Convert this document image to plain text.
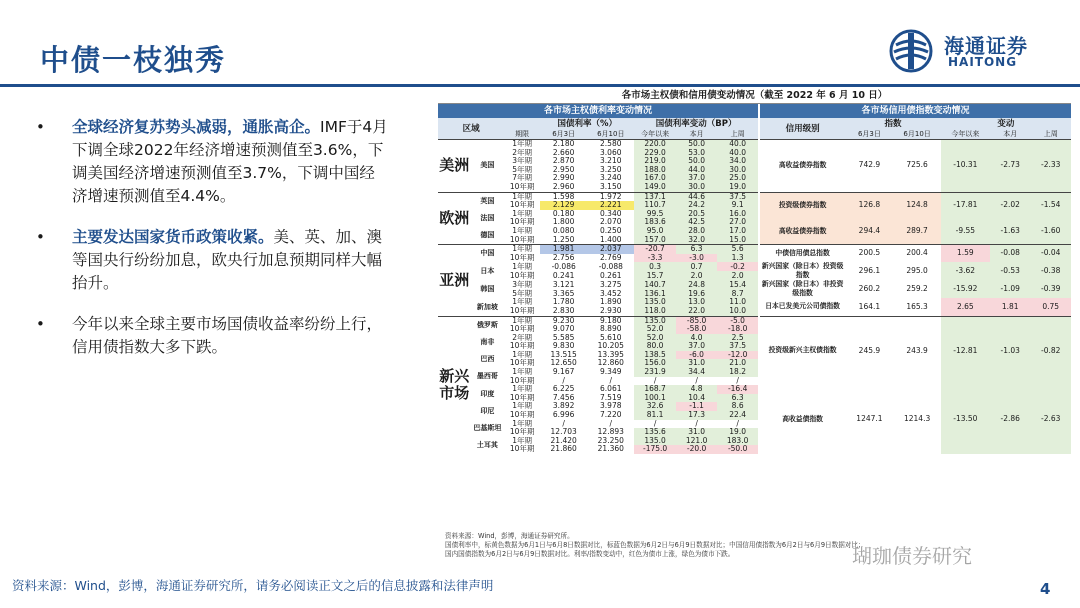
中债一枝独秀	海通证券
HAITONG
• 全球经济复苏势头减弱，通胀高企。IMF于4月下调全球2022年经济增速预测值至3.6%，下调美国经济增速预测值至3.7%，下调中国经济增速预测值至4.4%。
• 主要发达国家货币政策收紧。美、英、加、澳等国央行纷纷加息，欧央行加息预期同样大幅抬升。
• 今年以来全球主要市场国债收益率纷纷上行，信用债指数大多下跌。
各市场主权债和信用债变动情况（截至 2022 年 6 月 10 日）
各市场主权债利率变动情况								各市场信用债指数变动情况					
区域			国债利率（%）		国债利率变动（BP）			信用级别	指数		变动		
		期限	6月3日	6月10日	今年以来	本月	上周		6月3日	6月10日	今年以来	本月	上周
美洲	美国	1年期	2.180	2.580	220.0	50.0	40.0	高收益债券指数	742.9	725.6	-10.31	-2.73	-2.33
		2年期	2.660	3.060	229.0	53.0	40.0						
		3年期	2.870	3.210	219.0	50.0	34.0						
		5年期	2.950	3.250	188.0	44.0	30.0						
		7年期	2.990	3.240	167.0	37.0	25.0						
		10年期	2.960	3.150	149.0	30.0	19.0						
欧洲	英国	1年期	1.598	1.972	137.1	44.6	37.5	投资级债券指数	126.8	124.8	-17.81	-2.02	-1.54
		10年期	2.129	2.221	110.7	24.2	9.1						
	法国	1年期	0.180	0.340	99.5	20.5	16.0						
		10年期	1.800	2.070	183.6	42.5	27.0	高收益债券指数	294.4	289.7	-9.55	-1.63	-1.60
	德国	1年期	0.080	0.250	95.0	28.0	17.0						
		10年期	1.250	1.400	157.0	32.0	15.0						
亚洲	中国	1年期	1.981	2.037	-20.7	6.3	5.6	中债信用债总指数	200.5	200.4	1.59	-0.08	-0.04
		10年期	2.756	2.769	-3.3	-3.0	1.3						
	日本	1年期	-0.086	-0.088	0.3	0.7	-0.2	新兴国家（除日本）投资级指数	296.1	295.0	-3.62	-0.53	-0.38
		10年期	0.241	0.261	15.7	2.0	2.0						
	韩国	3年期	3.121	3.275	140.7	24.8	15.4	新兴国家（除日本）非投资级指数	260.2	259.2	-15.92	-1.09	-0.39
		5年期	3.365	3.452	136.1	19.6	8.7						
	新加坡	1年期	1.780	1.890	135.0	13.0	11.0	日本已发美元公司债指数	164.1	165.3	2.65	1.81	0.75
		10年期	2.830	2.930	118.0	22.0	10.0						
新兴市场	俄罗斯	1年期	9.230	9.180	135.0	-85.0	-5.0	投资级新兴主权债指数	245.9	243.9	-12.81	-1.03	-0.82
		10年期	9.070	8.890	52.0	-58.0	-18.0						
	南非	2年期	5.585	5.610	52.0	4.0	2.5						
		10年期	9.830	10.205	80.0	37.0	37.5						
	巴西	1年期	13.515	13.395	138.5	-6.0	-12.0						
		10年期	12.650	12.860	156.0	31.0	21.0						
	墨西哥	1年期	9.167	9.349	231.9	34.4	18.2						
		10年期	/	/	/	/	/						
	印度	1年期	6.225	6.061	168.7	4.8	-16.4	高收益债指数	1247.1	1214.3	-13.50	-2.86	-2.63
		10年期	7.456	7.519	100.1	10.4	6.3						
	印尼	1年期	3.892	3.978	32.6	-1.1	8.6						
		10年期	6.996	7.220	81.1	17.3	22.4						
	巴基斯坦	1年期	/	/	/	/	/						
		10年期	12.703	12.893	135.6	31.0	19.0						
	土耳其	1年期	21.420	23.250	135.0	121.0	183.0						
		10年期	21.860	21.360	-175.0	-20.0	-50.0						
资料来源：Wind，彭博，海通证券研究所。
国债利率中，标黄色数据为6月1日与6月8日数据对比，标蓝色数据为6月2日与6月9日数据对比；中国信用债指数为6月2日与6月9日数据对比；
国内国债指数为6月2日与6月9日数据对比。利率/指数变动中，红色为债市上涨，绿色为债市下跌。	瑚珈债券研究
资料来源：Wind，彭博，海通证券研究所，请务必阅读正文之后的信息披露和法律声明	4
